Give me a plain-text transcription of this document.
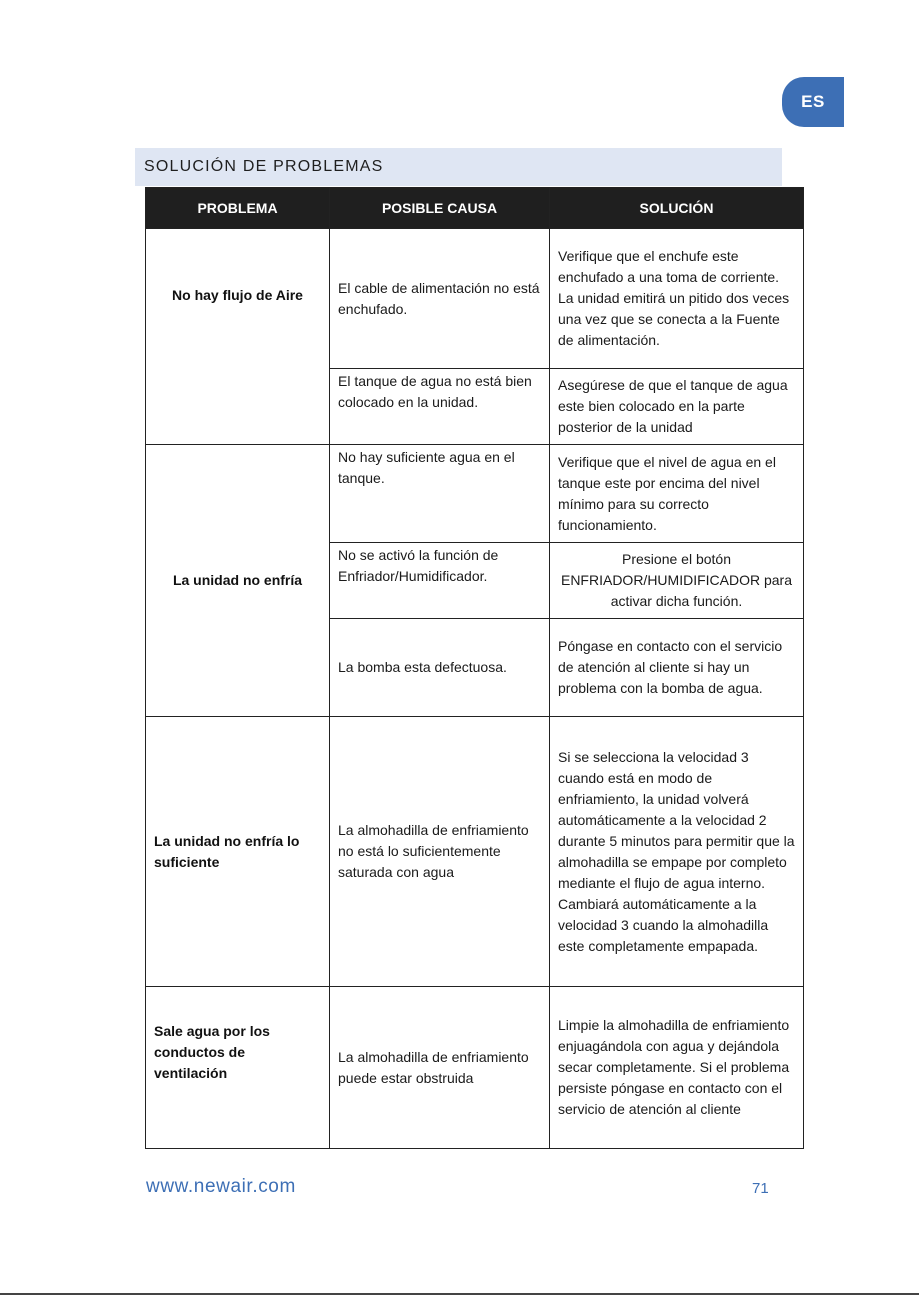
ES
SOLUCIÓN DE PROBLEMAS
PROBLEMA	POSIBLE CAUSA	SOLUCIÓN
No hay flujo de Aire	El cable de alimentación no está enchufado.	Verifique que el enchufe este enchufado a una toma de corriente. La unidad emitirá un pitido dos veces una vez que se conecta a la Fuente de alimentación.
	El tanque de agua no está bien colocado en la unidad.	Asegúrese de que el tanque de agua este bien colocado en la parte posterior de la unidad
La unidad no enfría	No hay suficiente agua en el tanque.	Verifique que el nivel de agua en el tanque este por encima del nivel mínimo para su correcto funcionamiento.
	No se activó la función de Enfriador/Humidificador.	Presione el botón ENFRIADOR/HUMIDIFICADOR para activar dicha función.
	La bomba esta defectuosa.	Póngase en contacto con el servicio de atención al cliente si hay un problema con la bomba de agua.
La unidad no enfría lo suficiente	La almohadilla de enfriamiento no está lo suficientemente saturada con agua	Si se selecciona la velocidad 3 cuando está en modo de enfriamiento, la unidad volverá automáticamente a la velocidad 2 durante 5 minutos para permitir que la almohadilla se empape por completo mediante el flujo de agua interno. Cambiará automáticamente a la velocidad 3 cuando la almohadilla este completamente empapada.
Sale agua por los conductos de ventilación	La almohadilla de enfriamiento puede estar obstruida	Limpie la almohadilla de enfriamiento enjuagándola con agua y dejándola secar completamente. Si el problema persiste póngase en contacto con el servicio de atención al cliente
www.newair.com	71
